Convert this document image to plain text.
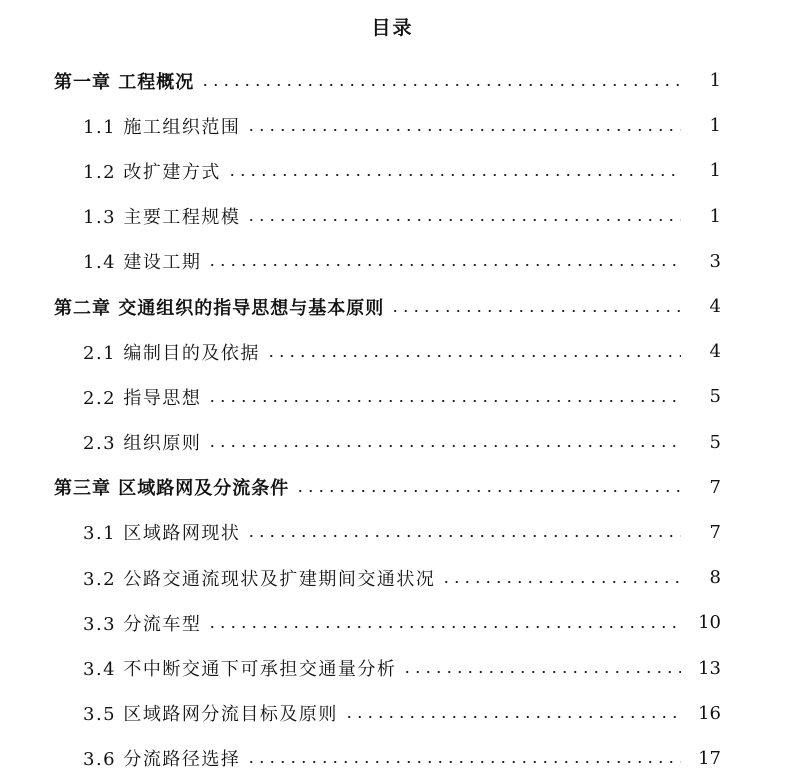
目录
第一章 工程概况	1
1.1 施工组织范围	1
1.2 改扩建方式	1
1.3 主要工程规模	1
1.4 建设工期	3
第二章 交通组织的指导思想与基本原则	4
2.1 编制目的及依据	4
2.2 指导思想	5
2.3 组织原则	5
第三章 区域路网及分流条件	7
3.1 区域路网现状	7
3.2 公路交通流现状及扩建期间交通状况	8
3.3 分流车型	10
3.4 不中断交通下可承担交通量分析	13
3.5 区域路网分流目标及原则	16
3.6 分流路径选择	17
